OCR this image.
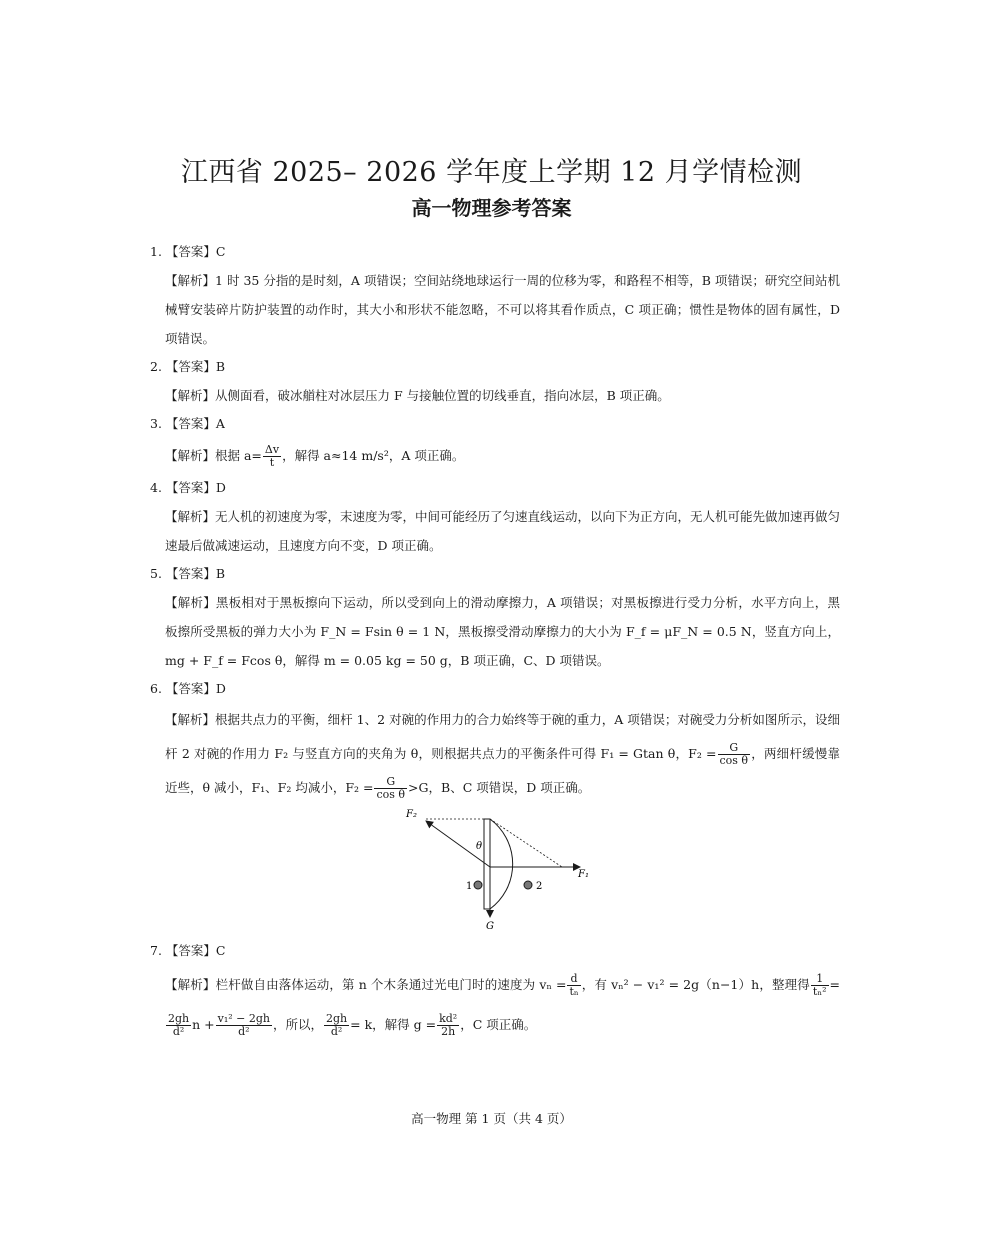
江西省 2025– 2026 学年度上学期 12 月学情检测
高一物理参考答案
1. 【答案】C

【解析】1 时 35 分指的是时刻，A 项错误；空间站绕地球运行一周的位移为零，和路程不相等，B 项错误；研究空间站机械臂安装碎片防护装置的动作时，其大小和形状不能忽略，不可以将其看作质点，C 项正确；惯性是物体的固有属性，D 项错误。

2. 【答案】B

【解析】从侧面看，破冰艏柱对冰层压力 F 与接触位置的切线垂直，指向冰层，B 项正确。

3. 【答案】A

【解析】根据 $a= \frac{\Delta v}{t}$ ，解得 a≈14 m/s²，A 项正确。

4. 【答案】D

【解析】无人机的初速度为零，末速度为零，中间可能经历了匀速直线运动，以向下为正方向，无人机可能先做加速再做匀速最后做减速运动，且速度方向不变，D 项正确。

5. 【答案】B

【解析】黑板相对于黑板擦向下运动，所以受到向上的滑动摩擦力，A 项错误；对黑板擦进行受力分析，水平方向上，黑板擦所受黑板的弹力大小为 F_N = Fsin θ = 1 N，黑板擦受滑动摩擦力的大小为 F_f = μF_N = 0.5 N，竖直方向上，mg + F_f = Fcos θ，解得 m = 0.05 kg = 50 g，B 项正确，C、D 项错误。

6. 【答案】D

【解析】根据共点力的平衡，细杆 1、2 对碗的作用力的合力始终等于碗的重力，A 项错误；对碗受力分析如图所示，设细杆 2 对碗的作用力 F₂ 与竖直方向的夹角为 θ，则根据共点力的平衡条件可得 F₁ = Gtan θ，$F_2 = \frac{G}{\text{cos θ}}$ ，两细杆缓慢靠近些，θ 减小，F₁、F₂ 均减小，$F_2 = \frac{G}{\text{cos θ}} >G$，B、C 项错误，D 项正确。

F₂
F₁
θ
G
1	2
7. 【答案】C

【解析】栏杆做自由落体运动，第 n 个木条通过光电门时的速度为 $v_n = \frac{d}{\text{tₙ}}$ ，有 vₙ² − v₁² = 2g（n−1）h，整理得 $\frac{1}{\text{tₙ²}}$ =
$\frac{2gh}{\text{d²}}$ $n + \frac{\text{v₁² − 2gh}}{\text{d²}}$ ，所以， $\frac{2gh}{\text{d²}} = k$，解得 $g = \frac{\text{kd²}}{2h}$ ，C 项正确。

高一物理 第 1 页（共 4 页）
